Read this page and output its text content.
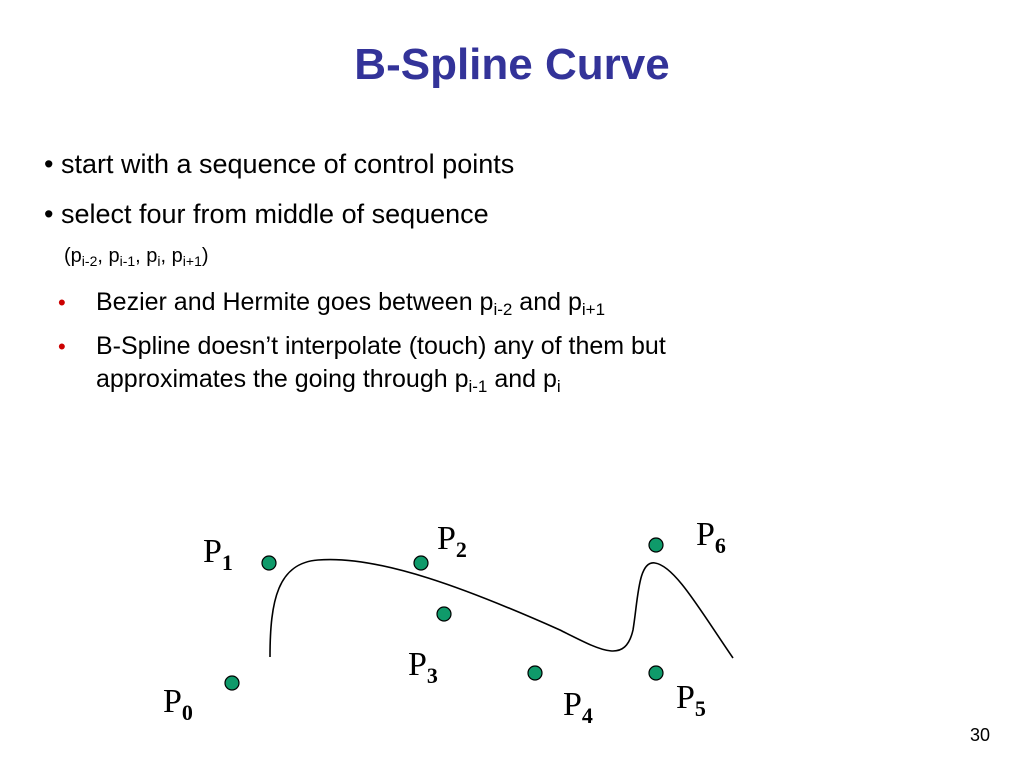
B-Spline Curve
• start with a sequence of control points
• select four from middle of sequence
($p_{i-2}$, $p_{i-1}$, $p_i$, $p_{i+1}$)
• Bezier and Hermite goes between $p_{i-2}$ and $p_{i+1}$
• B-Spline doesn’t interpolate (touch) any of them but
approximates the going through $p_{i-1}$ and $p_i$
P0
P1
P2
P3
P4 P5
P6
30
